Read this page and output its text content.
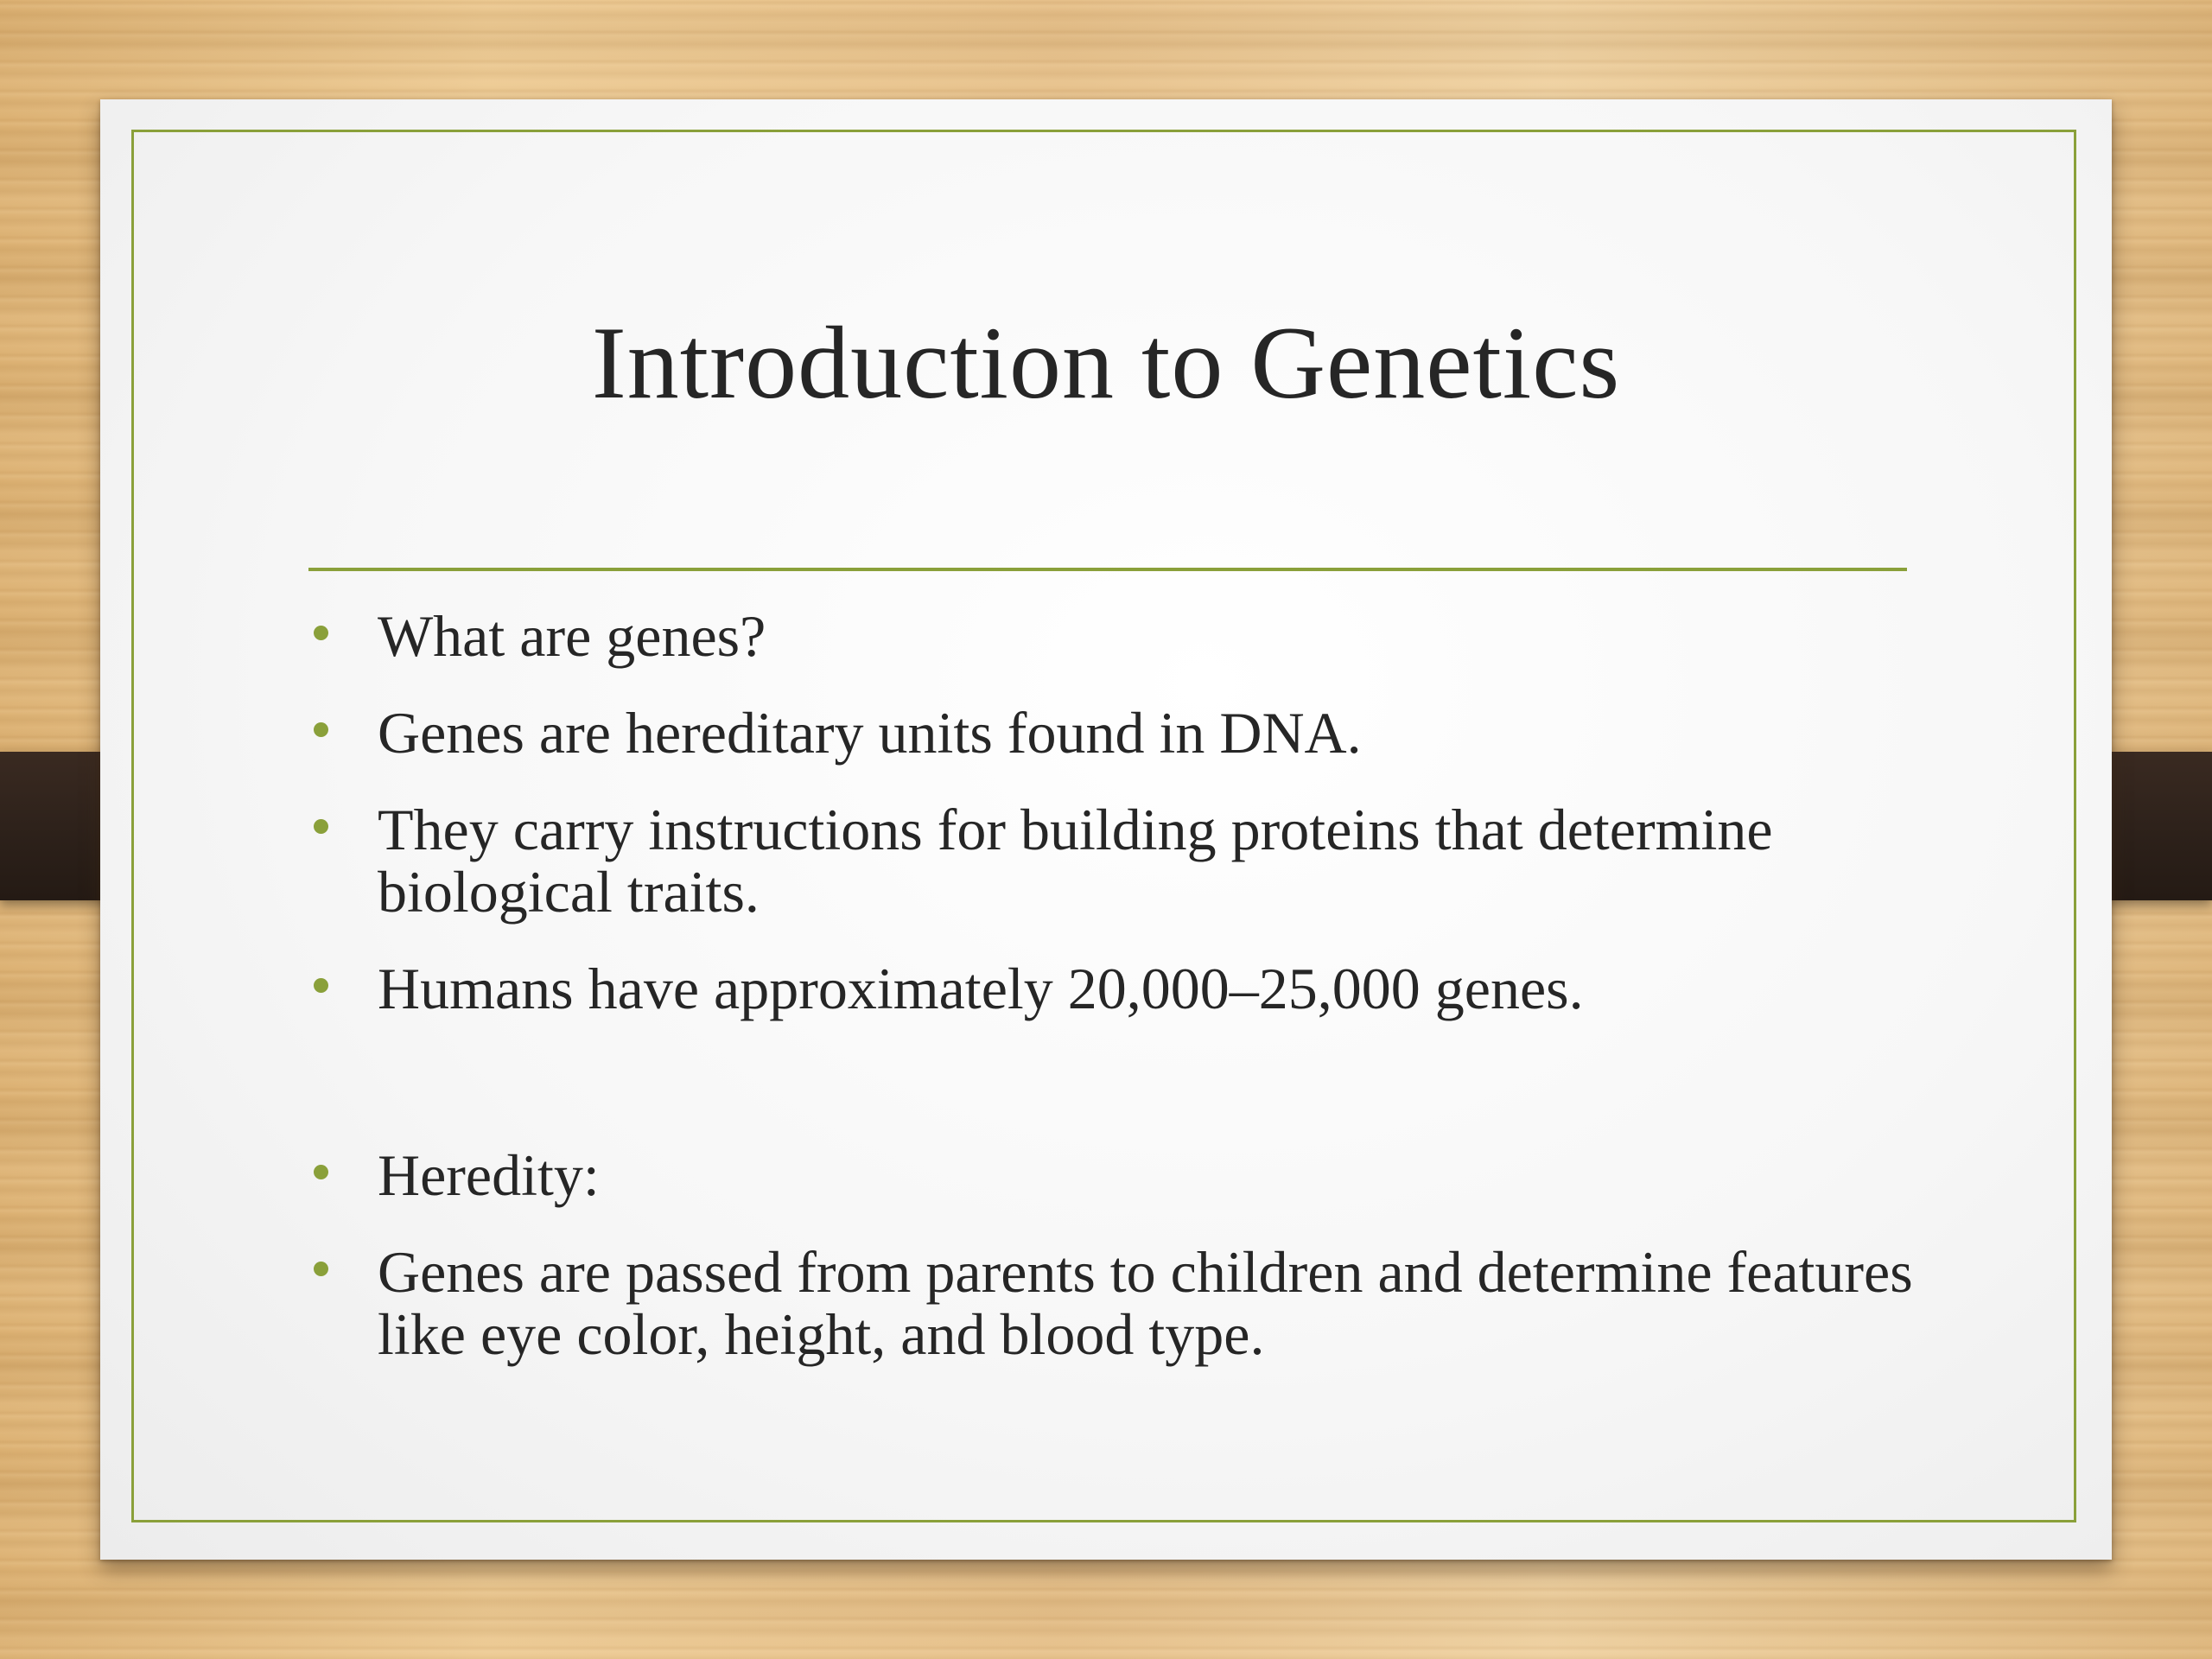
Introduction to Genetics
What are genes?
Genes are hereditary units found in DNA.
They carry instructions for building proteins that determine biological traits.
Humans have approximately 20,000–25,000 genes.
Heredity:
Genes are passed from parents to children and determine features like eye color, height, and blood type.
